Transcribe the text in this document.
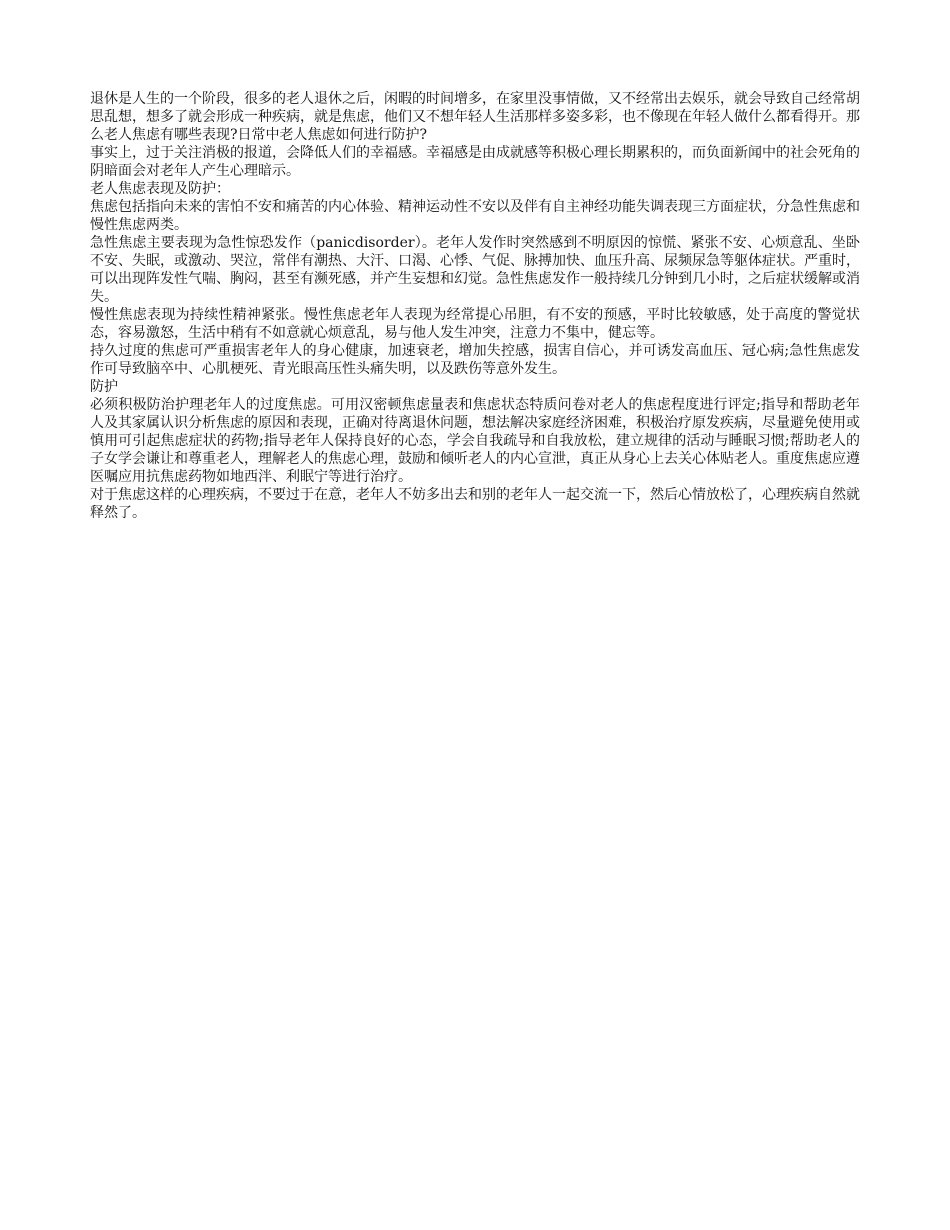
退休是人生的一个阶段，很多的老人退休之后，闲暇的时间增多，在家里没事情做，又不经常出去娱乐，就会导致自己经常胡思乱想，想多了就会形成一种疾病，就是焦虑，他们又不想年轻人生活那样多姿多彩，也不像现在年轻人做什么都看得开。那么老人焦虑有哪些表现?日常中老人焦虑如何进行防护?

事实上，过于关注消极的报道，会降低人们的幸福感。幸福感是由成就感等积极心理长期累积的，而负面新闻中的社会死角的阴暗面会对老年人产生心理暗示。

老人焦虑表现及防护：

焦虑包括指向未来的害怕不安和痛苦的内心体验、精神运动性不安以及伴有自主神经功能失调表现三方面症状，分急性焦虑和慢性焦虑两类。

急性焦虑主要表现为急性惊恐发作（panicdisorder）。老年人发作时突然感到不明原因的惊慌、紧张不安、心烦意乱、坐卧不安、失眠，或激动、哭泣，常伴有潮热、大汗、口渴、心悸、气促、脉搏加快、血压升高、尿频尿急等躯体症状。严重时，可以出现阵发性气喘、胸闷，甚至有濒死感，并产生妄想和幻觉。急性焦虑发作一般持续几分钟到几小时，之后症状缓解或消失。

慢性焦虑表现为持续性精神紧张。慢性焦虑老年人表现为经常提心吊胆，有不安的预感，平时比较敏感，处于高度的警觉状态，容易激怒，生活中稍有不如意就心烦意乱，易与他人发生冲突，注意力不集中，健忘等。

持久过度的焦虑可严重损害老年人的身心健康，加速衰老，增加失控感，损害自信心，并可诱发高血压、冠心病;急性焦虑发作可导致脑卒中、心肌梗死、青光眼高压性头痛失明，以及跌伤等意外发生。

防护

必须积极防治护理老年人的过度焦虑。可用汉密顿焦虑量表和焦虑状态特质问卷对老人的焦虑程度进行评定;指导和帮助老年人及其家属认识分析焦虑的原因和表现，正确对待离退休问题，想法解决家庭经济困难，积极治疗原发疾病，尽量避免使用或慎用可引起焦虑症状的药物;指导老年人保持良好的心态，学会自我疏导和自我放松，建立规律的活动与睡眠习惯;帮助老人的子女学会谦让和尊重老人，理解老人的焦虑心理，鼓励和倾听老人的内心宣泄，真正从身心上去关心体贴老人。重度焦虑应遵医嘱应用抗焦虑药物如地西泮、利眠宁等进行治疗。

对于焦虑这样的心理疾病，不要过于在意，老年人不妨多出去和别的老年人一起交流一下，然后心情放松了，心理疾病自然就释然了。
